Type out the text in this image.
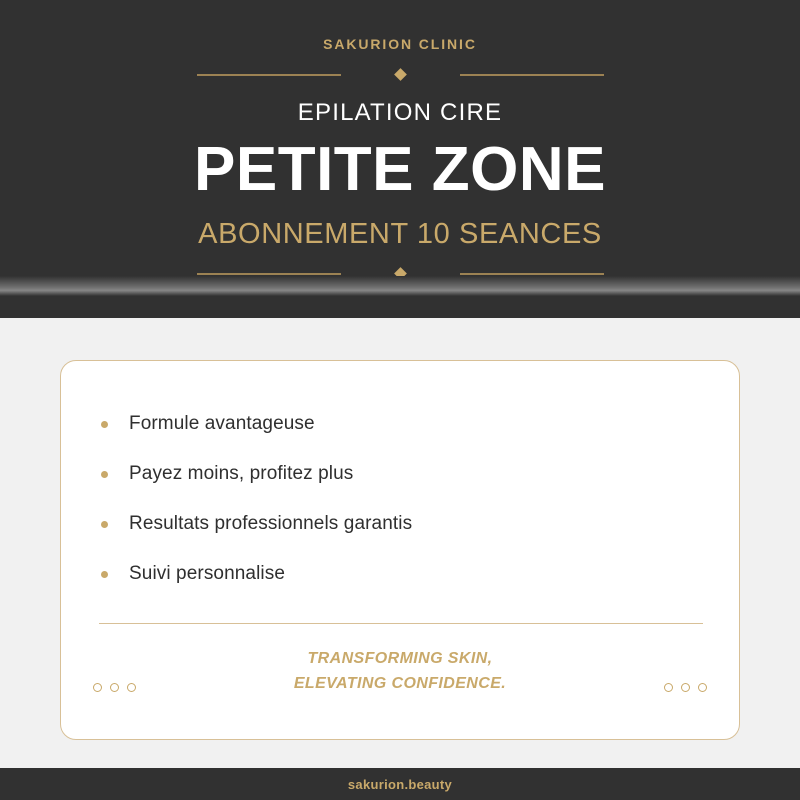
SAKURION CLINIC
EPILATION CIRE
PETITE ZONE
ABONNEMENT 10 SEANCES
Formule avantageuse
Payez moins, profitez plus
Resultats professionnels garantis
Suivi personnalise
TRANSFORMING SKIN,
ELEVATING CONFIDENCE.
sakurion.beauty
